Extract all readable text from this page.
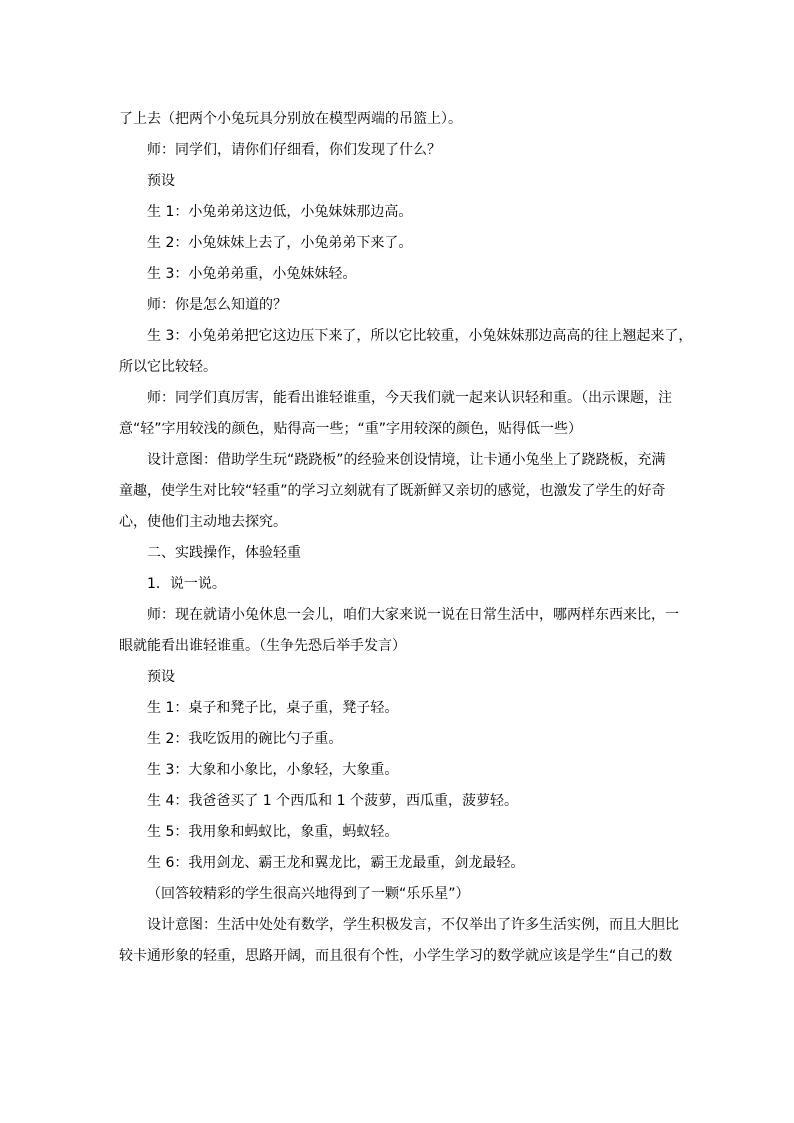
了上去（把两个小兔玩具分别放在模型两端的吊篮上）。
师：同学们，请你们仔细看，你们发现了什么？
预设
生 1：小兔弟弟这边低，小兔妹妹那边高。
生 2：小兔妹妹上去了，小兔弟弟下来了。
生 3：小兔弟弟重，小兔妹妹轻。
师：你是怎么知道的？
生 3：小兔弟弟把它这边压下来了，所以它比较重，小兔妹妹那边高高的往上翘起来了，
所以它比较轻。
师：同学们真厉害，能看出谁轻谁重，今天我们就一起来认识轻和重。（出示课题，注
意“轻”字用较浅的颜色，贴得高一些；“重”字用较深的颜色，贴得低一些）
设计意图：借助学生玩“跷跷板”的经验来创设情境，让卡通小兔坐上了跷跷板，充满
童趣，使学生对比较“轻重”的学习立刻就有了既新鲜又亲切的感觉，也激发了学生的好奇
心，使他们主动地去探究。
二、实践操作，体验轻重
1．说一说。
师：现在就请小兔休息一会儿，咱们大家来说一说在日常生活中，哪两样东西来比，一
眼就能看出谁轻谁重。（生争先恐后举手发言）
预设
生 1：桌子和凳子比，桌子重，凳子轻。
生 2：我吃饭用的碗比勺子重。
生 3：大象和小象比，小象轻，大象重。
生 4：我爸爸买了 1 个西瓜和 1 个菠萝，西瓜重，菠萝轻。
生 5：我用象和蚂蚁比，象重，蚂蚁轻。
生 6：我用剑龙、霸王龙和翼龙比，霸王龙最重，剑龙最轻。
（回答较精彩的学生很高兴地得到了一颗“乐乐星”）
设计意图：生活中处处有数学，学生积极发言，不仅举出了许多生活实例，而且大胆比
较卡通形象的轻重，思路开阔，而且很有个性，小学生学习的数学就应该是学生“自己的数
